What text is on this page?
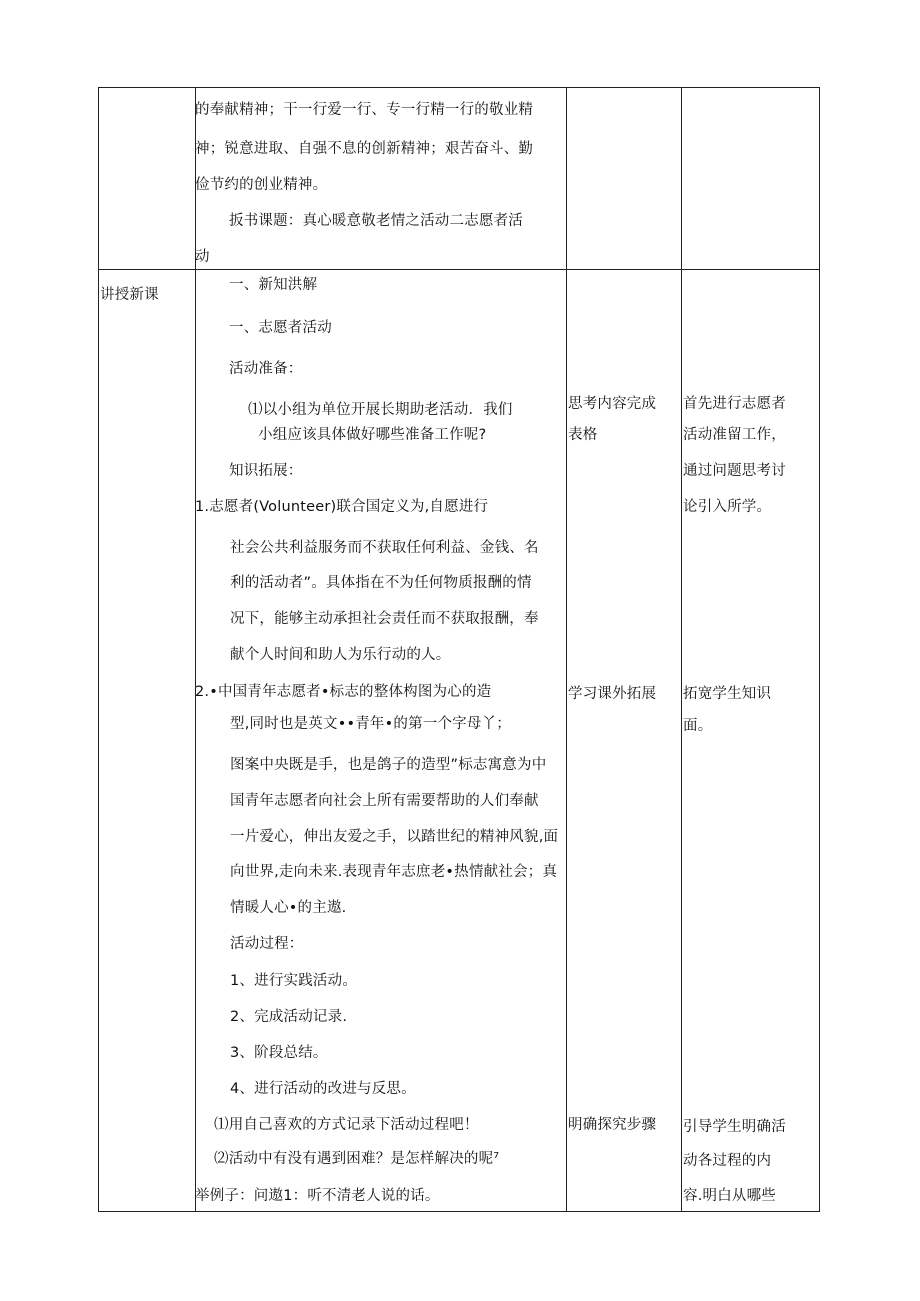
的奉献精神；干一行爱一行、专一行精一行的敬业精
神；锐意进取、自强不息的创新精神；艰苦奋斗、勤
俭节约的创业精神。
扳书课题：真心暖意敬老情之活动二志愿者活
动
讲授新课
一、新知洪解
一、志愿者活动
活动准备：
⑴以小组为单位开展长期助老活动．我们
小组应该具体做好哪些准备工作呢?
知识拓展：
1.志愿者(Volunteer)联合国定义为,自愿进行
社会公共利益服务而不获取任何利益、金钱、名
利的活动者”。具体指在不为任何物质报酬的情
况下，能够主动承担社会责任而不获取报酬，奉
献个人时间和助人为乐行动的人。
2.•中国青年志愿者•标志的整体构图为心的造
型,同时也是英文••青年•的第一个字母丫；
图案中央既是手，也是鸽子的造型”标志寓意为中
国青年志愿者向社会上所有需要帮助的人们奉献
一片爱心，伸出友爱之手，以踏世纪的精神风貌,面
向世界,走向未来.表现青年志庶老•热情献社会；真
情暖人心•的主遨.
活动过程：
1、进行实践活动。
2、完成活动记录.
3、阶段总结。
4、进行活动的改进与反思。
⑴用自己喜欢的方式记录下活动过程吧！
⑵活动中有没有遇到困难？是怎样解决的呢⁷
举例子：问遨1：听不清老人说的话。
思考内容完成
表格
学习课外拓展
明确探究步骤
首先进行志愿者
活动准留工作，
通过问题思考讨
论引入所学。
拓宽学生知识
面。
引导学生明确活
动各过程的内
容.明白从哪些
